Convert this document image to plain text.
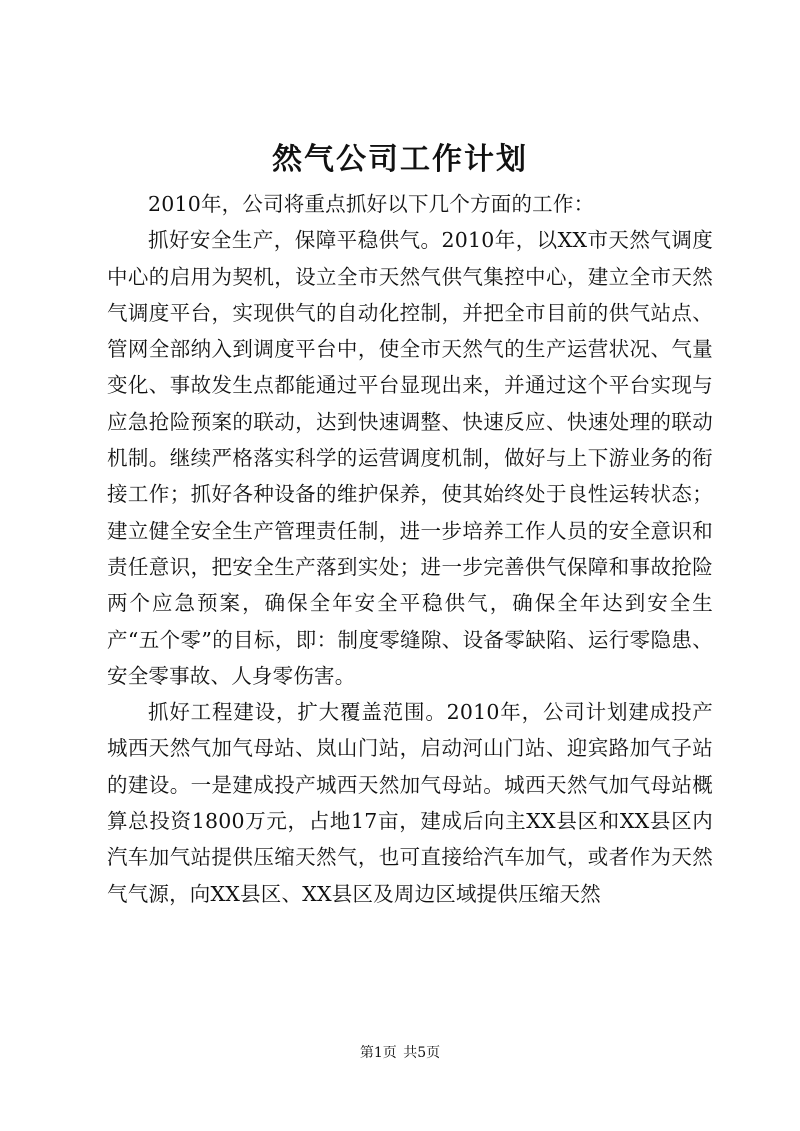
然气公司工作计划

2010年，公司将重点抓好以下几个方面的工作：

抓好安全生产，保障平稳供气。2010年，以XX市天然气调度中心的启用为契机，设立全市天然气供气集控中心，建立全市天然气调度平台，实现供气的自动化控制，并把全市目前的供气站点、管网全部纳入到调度平台中，使全市天然气的生产运营状况、气量变化、事故发生点都能通过平台显现出来，并通过这个平台实现与应急抢险预案的联动，达到快速调整、快速反应、快速处理的联动机制。继续严格落实科学的运营调度机制，做好与上下游业务的衔接工作；抓好各种设备的维护保养，使其始终处于良性运转状态；建立健全安全生产管理责任制，进一步培养工作人员的安全意识和责任意识，把安全生产落到实处；进一步完善供气保障和事故抢险两个应急预案，确保全年安全平稳供气，确保全年达到安全生产“五个零”的目标，即：制度零缝隙、设备零缺陷、运行零隐患、安全零事故、人身零伤害。

抓好工程建设，扩大覆盖范围。2010年，公司计划建成投产城西天然气加气母站、岚山门站，启动河山门站、迎宾路加气子站的建设。一是建成投产城西天然加气母站。城西天然气加气母站概算总投资1800万元，占地17亩，建成后向主XX县区和XX县区内汽车加气站提供压缩天然气，也可直接给汽车加气，或者作为天然气气源，向XX县区、XX县区及周边区域提供压缩天然

第1页 共5页
